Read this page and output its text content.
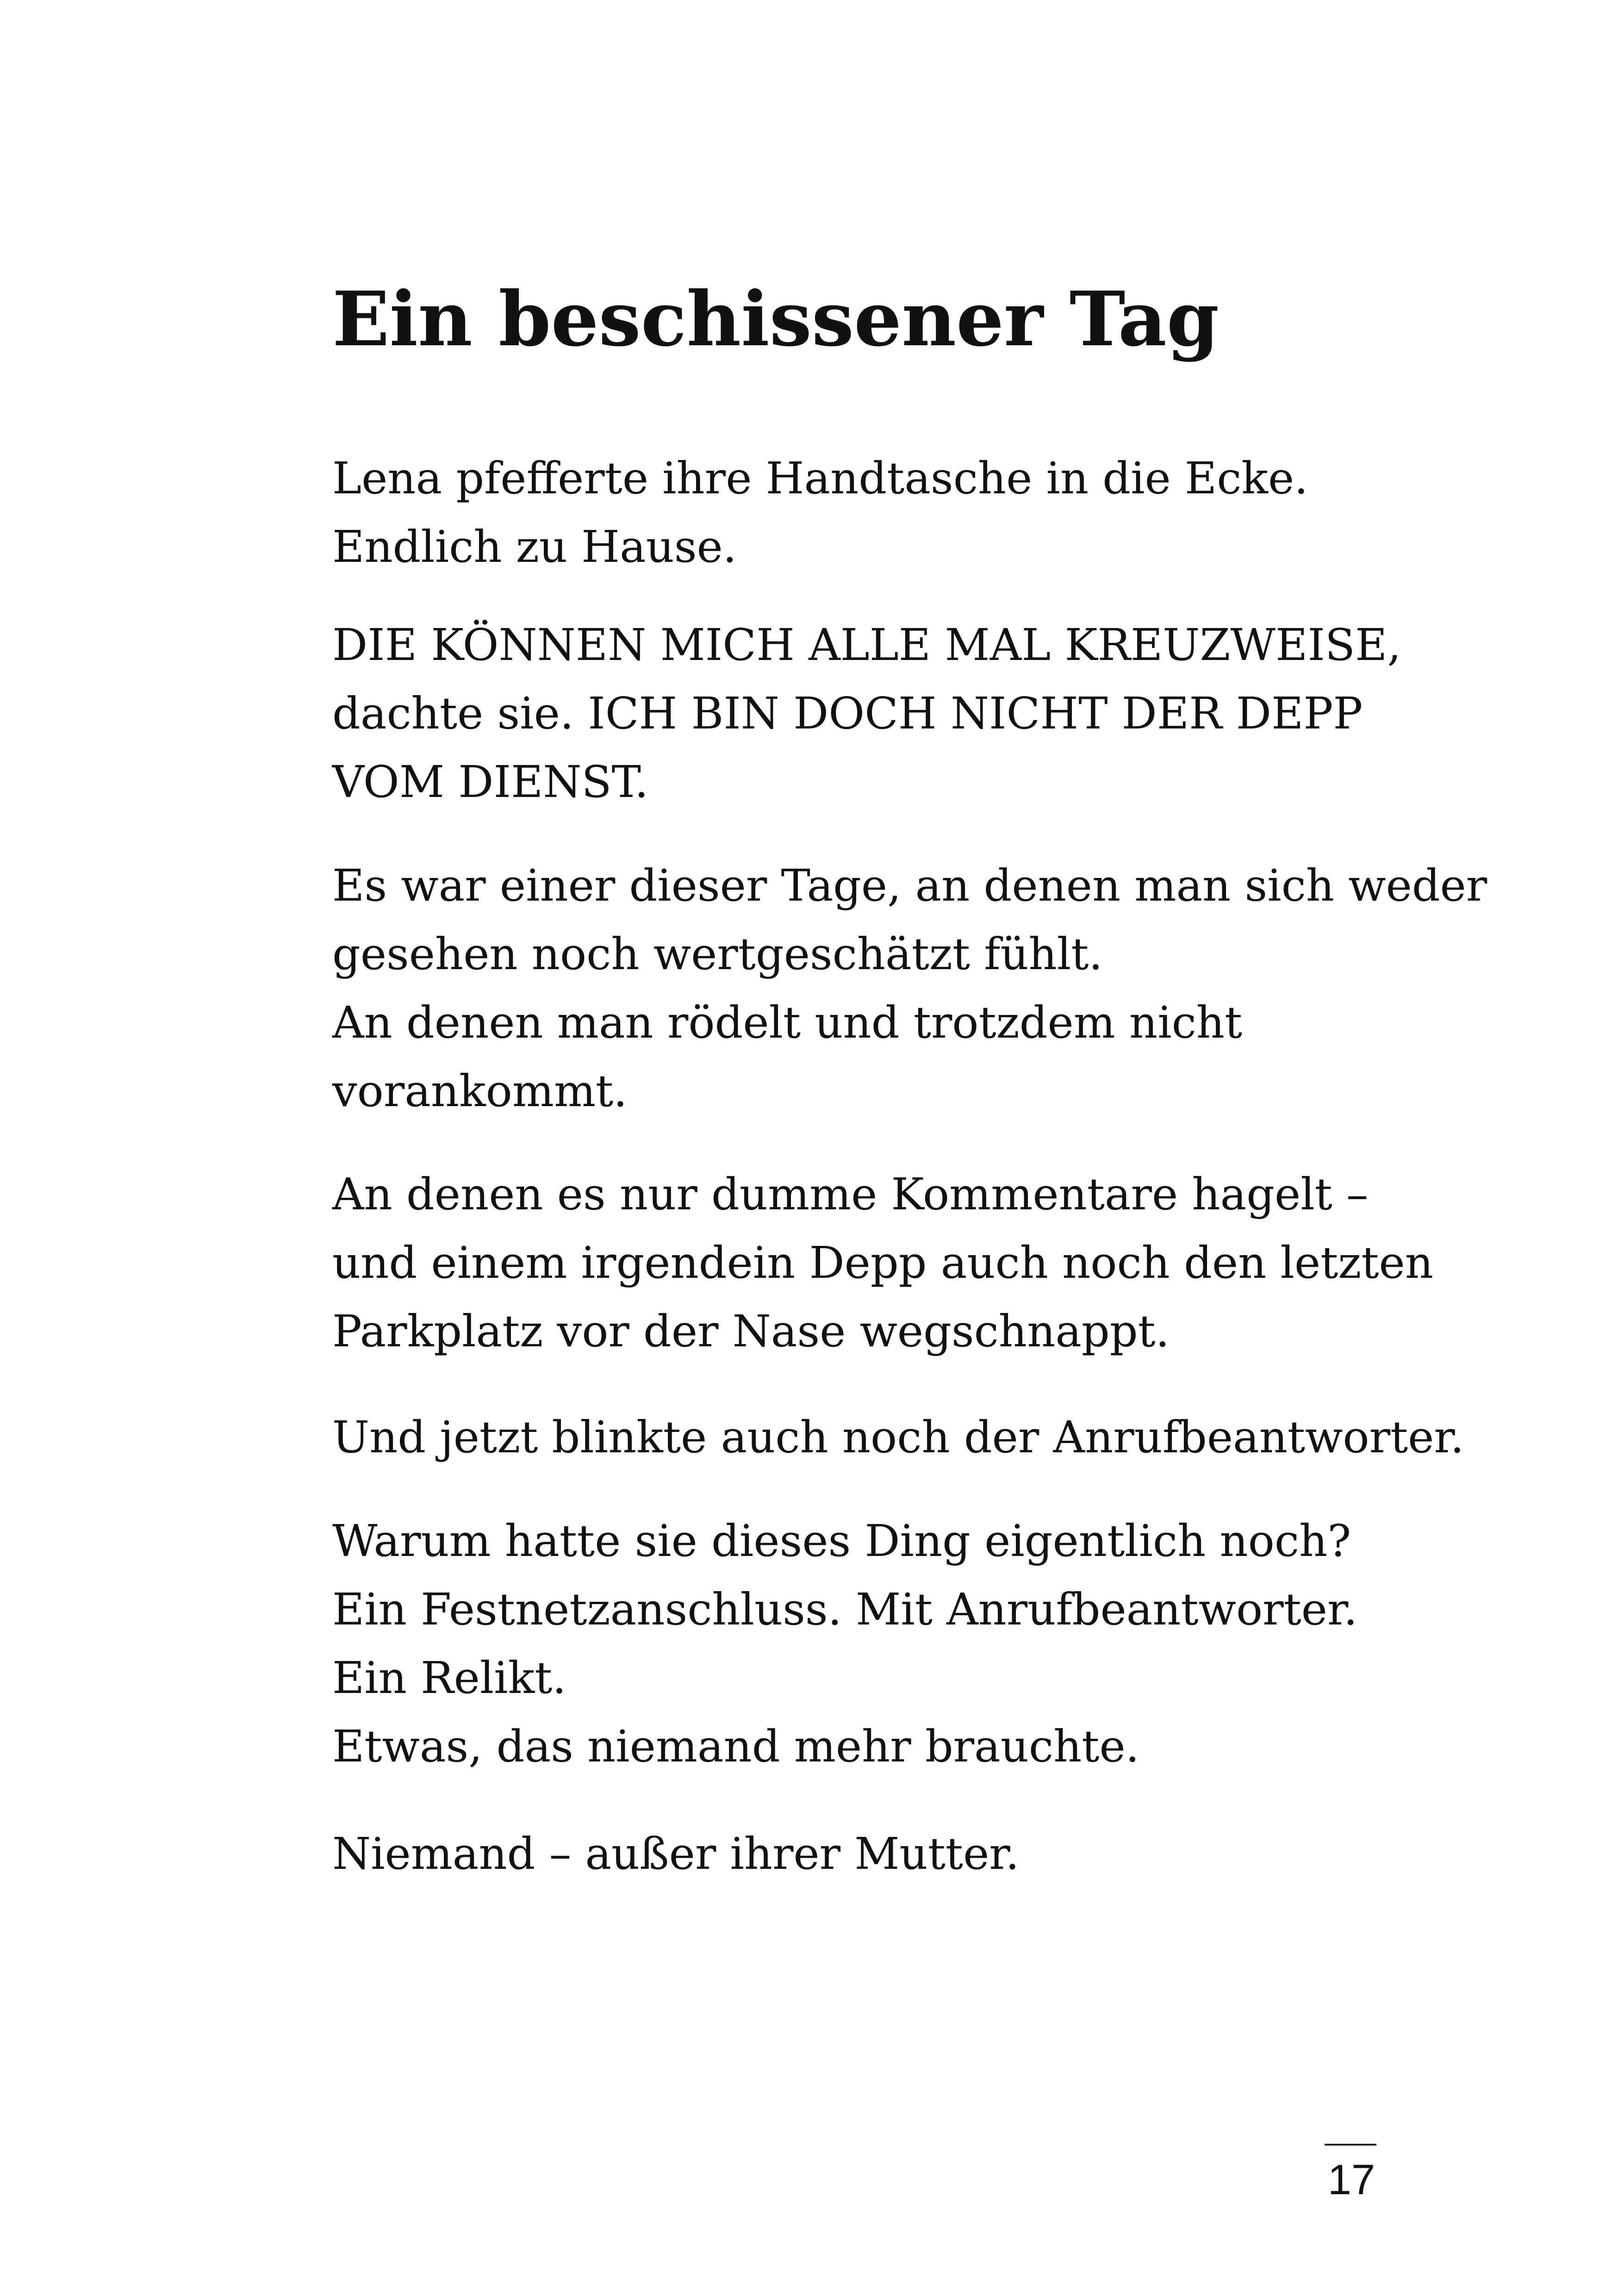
Ein beschissener Tag

Lena pfefferte ihre Handtasche in die Ecke.
Endlich zu Hause.

DIE KÖNNEN MICH ALLE MAL KREUZWEISE,
dachte sie. ICH BIN DOCH NICHT DER DEPP
VOM DIENST.

Es war einer dieser Tage, an denen man sich weder
gesehen noch wertgeschätzt fühlt.
An denen man rödelt und trotzdem nicht
vorankommt.

An denen es nur dumme Kommentare hagelt –
und einem irgendein Depp auch noch den letzten
Parkplatz vor der Nase wegschnappt.

Und jetzt blinkte auch noch der Anrufbeantworter.

Warum hatte sie dieses Ding eigentlich noch?
Ein Festnetzanschluss. Mit Anrufbeantworter.
Ein Relikt.
Etwas, das niemand mehr brauchte.

Niemand – außer ihrer Mutter.

17
